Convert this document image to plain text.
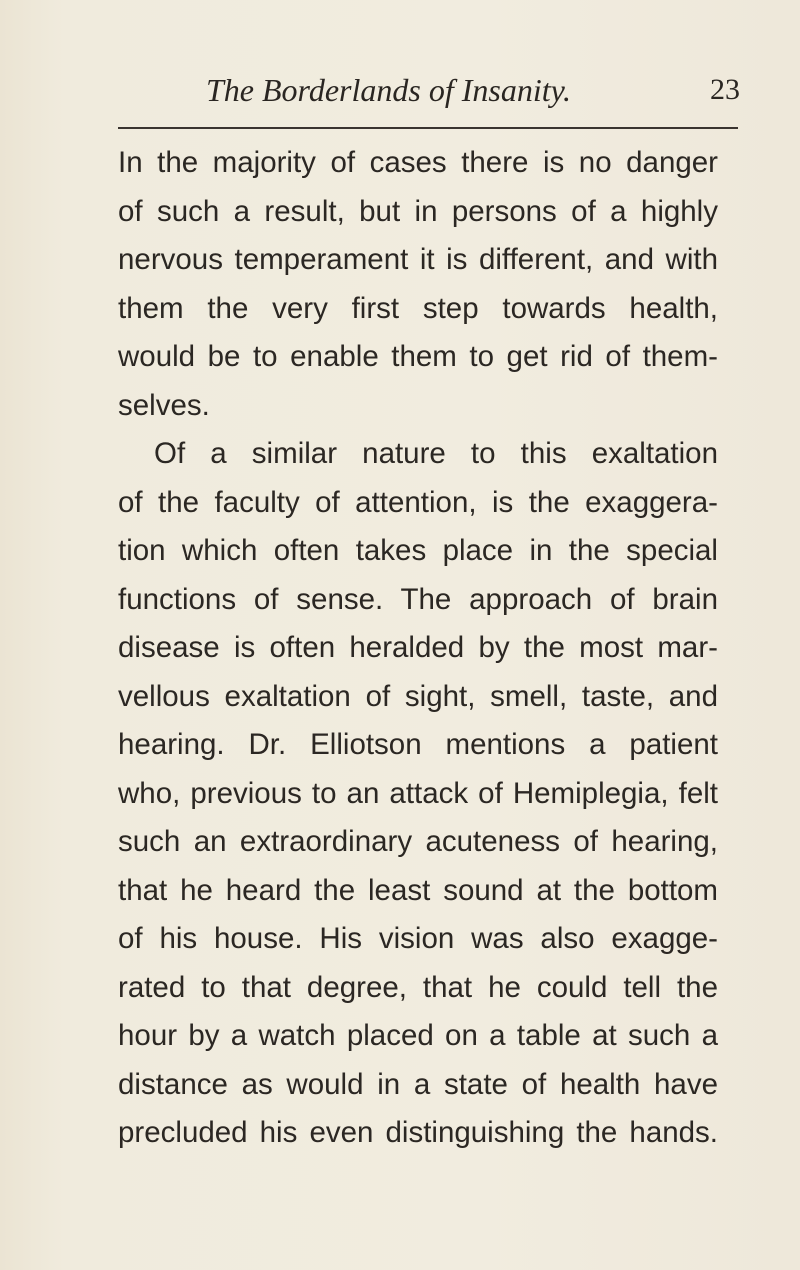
The Borderlands of Insanity.	23
In the majority of cases there is no danger
of such a result, but in persons of a highly
nervous temperament it is different, and with
them the very first step towards health,
would be to enable them to get rid of them-
selves.
Of a similar nature to this exaltation
of the faculty of attention, is the exaggera-
tion which often takes place in the special
functions of sense. The approach of brain
disease is often heralded by the most mar-
vellous exaltation of sight, smell, taste, and
hearing. Dr. Elliotson mentions a patient
who, previous to an attack of Hemiplegia, felt
such an extraordinary acuteness of hearing,
that he heard the least sound at the bottom
of his house. His vision was also exagge-
rated to that degree, that he could tell the
hour by a watch placed on a table at such a
distance as would in a state of health have
precluded his even distinguishing the hands.
